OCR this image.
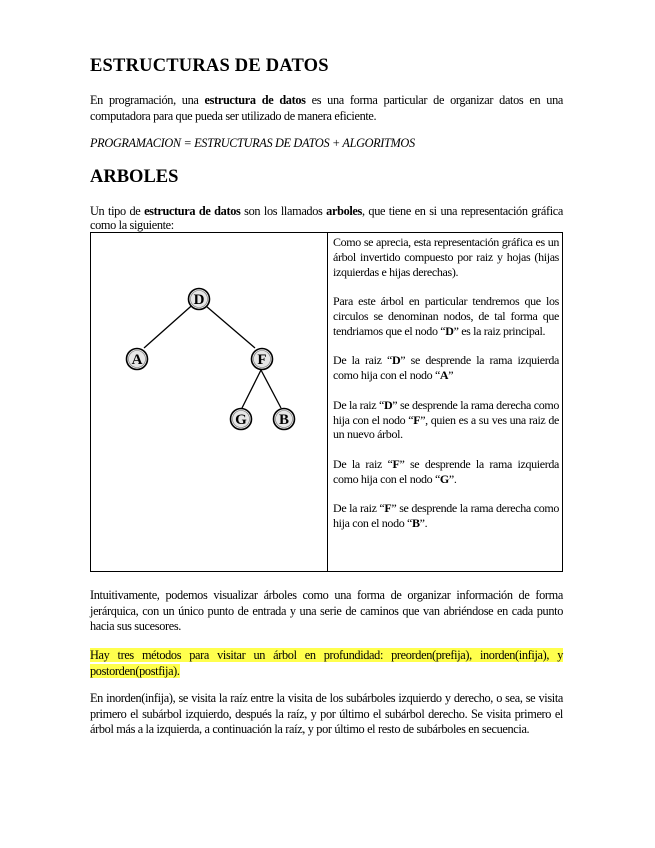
ESTRUCTURAS DE DATOS
En programación, una estructura de datos es una forma particular de organizar datos en una computadora para que pueda ser utilizado de manera eficiente.
PROGRAMACION = ESTRUCTURAS DE DATOS + ALGORITMOS
ARBOLES
Un tipo de estructura de datos son los llamados arboles, que tiene en si una representación gráfica como la siguiente:
D
A	F
G B

Como se aprecia, esta representación gráfica es un árbol invertido compuesto por raiz y hojas (hijas izquierdas e hijas derechas).

Para este árbol en particular tendremos que los circulos se denominan nodos, de tal forma que tendriamos que el nodo “D” es la raiz principal.

De la raiz “D” se desprende la rama izquierda como hija con el nodo “A”

De la raiz “D” se desprende la rama derecha como hija con el nodo “F”, quien es a su ves una raiz de un nuevo árbol.

De la raiz “F” se desprende la rama izquierda como hija con el nodo “G”.

De la raiz “F” se desprende la rama derecha como hija con el nodo “B”.

Intuitivamente, podemos visualizar árboles como una forma de organizar información de forma jerárquica, con un único punto de entrada y una serie de caminos que van abriéndose en cada punto hacia sus sucesores.
Hay tres métodos para visitar un árbol en profundidad: preorden(prefija), inorden(infija), y postorden(postfija).
En inorden(infija), se visita la raíz entre la visita de los subárboles izquierdo y derecho, o sea, se visita primero el subárbol izquierdo, después la raíz, y por último el subárbol derecho. Se visita primero el árbol más a la izquierda, a continuación la raíz, y por último el resto de subárboles en secuencia.
